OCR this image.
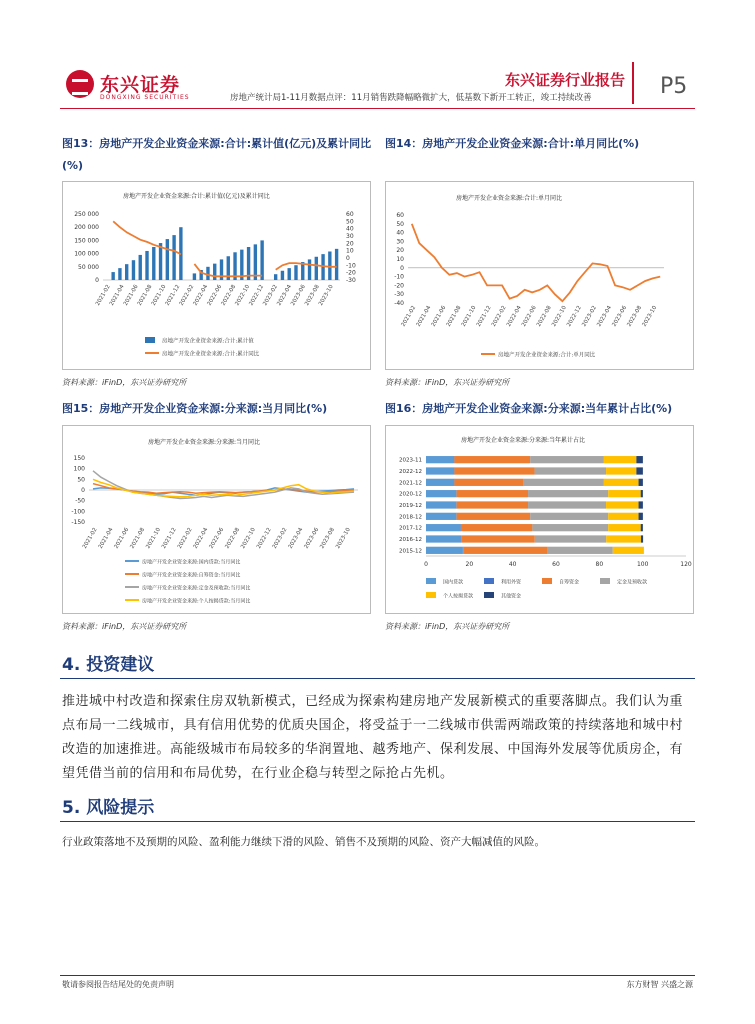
东兴证券
DONGXING SECURITIES
东兴证券行业报告 P5
房地产统计局1-11月数据点评：11月销售跌降幅略微扩大，低基数下新开工转正，竣工持续改善
图13：房地产开发企业资金来源:合计:累计值(亿元)及累计同比(%)
房地产开发企业资金来源:合计:累计值(亿元)及累计同比
250 000
200 000
150 000
100 000
50 000
0
60
50
40
30
20
10
0
-10
-20
-30
2021-02
2021-04
2021-06
2021-08
2021-10
2021-12
2022-02
2022-04
2022-06
2022-08
2022-10
2022-12
2023-02
2023-04
2023-06
2023-08
2023-10
房地产开发企业资金来源:合计:累计值
房地产开发企业资金来源:合计:累计同比
资料来源：iFinD，东兴证券研究所
图14：房地产开发企业资金来源:合计:单月同比(%)
房地产开发企业资金来源:合计:单月同比
60
50
40
30
20
10
0
-10
-20
-30
-40
2021-02
2021-04
2021-06
2021-08
2021-10
2021-12
2022-02
2022-04
2022-06
2022-08
2022-10
2022-12
2023-02
2023-04
2023-06
2023-08
2023-10
房地产开发企业资金来源:合计:单月同比
资料来源：iFinD，东兴证券研究所
图15：房地产开发企业资金来源:分来源:当月同比(%)
房地产开发企业资金来源:分来源:当月同比
150
100
50
0
-50
-100
-150
2021-02 2021-04 2021-06 2021-08 2021-10 2021-12 2022-02 2022-04 2022-06 2022-08 2022-10 2022-12 2023-02 2023-04 2023-06 2023-08 2023-10
房地产开发企业资金来源:国内贷款:当月同比
房地产开发企业资金来源:自筹资金:当月同比
房地产开发企业资金来源:定金及预收款:当月同比
房地产开发企业资金来源:个人按揭贷款:当月同比
资料来源：iFinD，东兴证券研究所
图16：房地产开发企业资金来源:分来源:当年累计占比(%)
房地产开发企业资金来源:分来源:当年累计占比
2023-11
2022-12
2021-12
2020-12
2019-12
2018-12
2017-12
2016-12
2015-12
0	20	40	60	80	100	120
国内贷款	利用外资	自筹资金	定金及预收款
个人按揭贷款	其他资金
资料来源：iFinD，东兴证券研究所
4. 投资建议
推进城中村改造和探索住房双轨新模式，已经成为探索构建房地产发展新模式的重要落脚点。我们认为重点布局一二线城市，具有信用优势的优质央国企，将受益于一二线城市供需两端政策的持续落地和城中村改造的加速推进。高能级城市布局较多的华润置地、越秀地产、保利发展、中国海外发展等优质房企，有望凭借当前的信用和布局优势，在行业企稳与转型之际抢占先机。
5. 风险提示
行业政策落地不及预期的风险、盈利能力继续下滑的风险、销售不及预期的风险、资产大幅减值的风险。
敬请参阅报告结尾处的免责声明	东方财智 兴盛之源
